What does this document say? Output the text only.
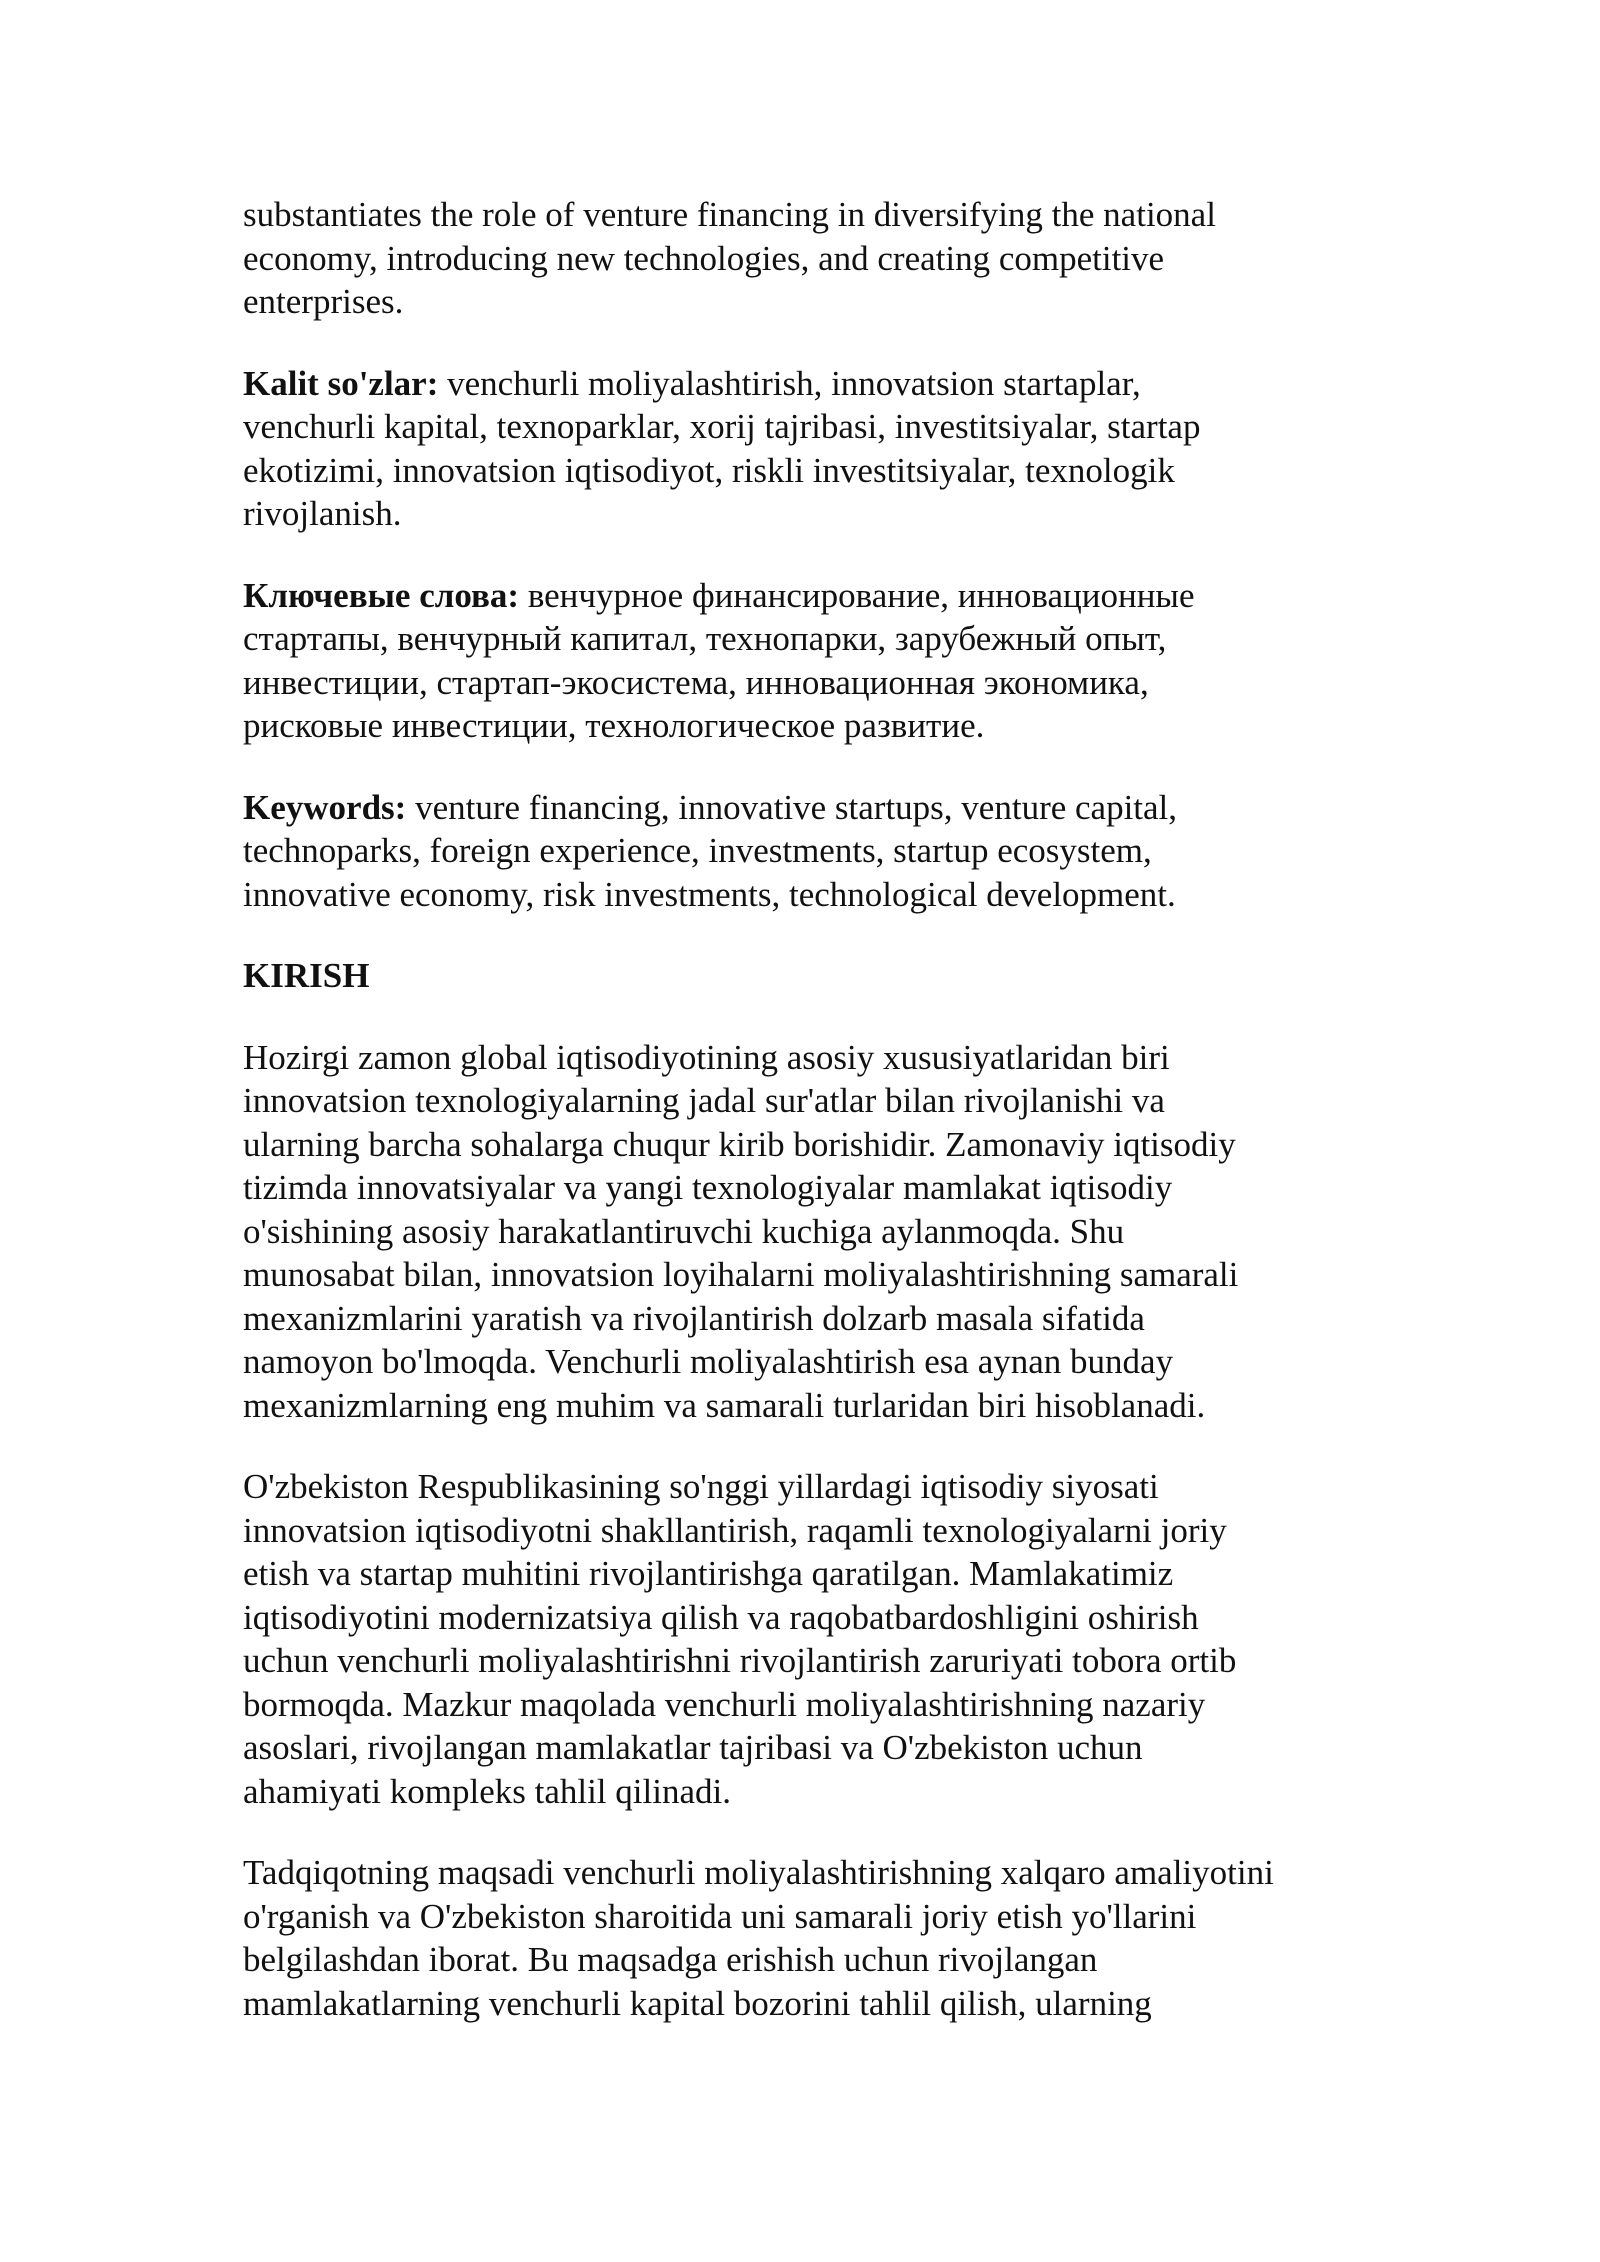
substantiates the role of venture financing in diversifying the national
economy, introducing new technologies, and creating competitive
enterprises.

Kalit so'zlar: venchurli moliyalashtirish, innovatsion startaplar,
venchurli kapital, texnoparklar, xorij tajribasi, investitsiyalar, startap
ekotizimi, innovatsion iqtisodiyot, riskli investitsiyalar, texnologik
rivojlanish.

Ключевые слова: венчурное финансирование, инновационные
стартапы, венчурный капитал, технопарки, зарубежный опыт,
инвестиции, стартап-экосистема, инновационная экономика,
рисковые инвестиции, технологическое развитие.

Keywords: venture financing, innovative startups, venture capital,
technoparks, foreign experience, investments, startup ecosystem,
innovative economy, risk investments, technological development.

KIRISH

Hozirgi zamon global iqtisodiyotining asosiy xususiyatlaridan biri
innovatsion texnologiyalarning jadal sur'atlar bilan rivojlanishi va
ularning barcha sohalarga chuqur kirib borishidir. Zamonaviy iqtisodiy
tizimda innovatsiyalar va yangi texnologiyalar mamlakat iqtisodiy
o'sishining asosiy harakatlantiruvchi kuchiga aylanmoqda. Shu
munosabat bilan, innovatsion loyihalarni moliyalashtirishning samarali
mexanizmlarini yaratish va rivojlantirish dolzarb masala sifatida
namoyon bo'lmoqda. Venchurli moliyalashtirish esa aynan bunday
mexanizmlarning eng muhim va samarali turlaridan biri hisoblanadi.

O'zbekiston Respublikasining so'nggi yillardagi iqtisodiy siyosati
innovatsion iqtisodiyotni shakllantirish, raqamli texnologiyalarni joriy
etish va startap muhitini rivojlantirishga qaratilgan. Mamlakatimiz
iqtisodiyotini modernizatsiya qilish va raqobatbardoshligini oshirish
uchun venchurli moliyalashtirishni rivojlantirish zaruriyati tobora ortib
bormoqda. Mazkur maqolada venchurli moliyalashtirishning nazariy
asoslari, rivojlangan mamlakatlar tajribasi va O'zbekiston uchun
ahamiyati kompleks tahlil qilinadi.

Tadqiqotning maqsadi venchurli moliyalashtirishning xalqaro amaliyotini
o'rganish va O'zbekiston sharoitida uni samarali joriy etish yo'llarini
belgilashdan iborat. Bu maqsadga erishish uchun rivojlangan
mamlakatlarning venchurli kapital bozorini tahlil qilish, ularning
